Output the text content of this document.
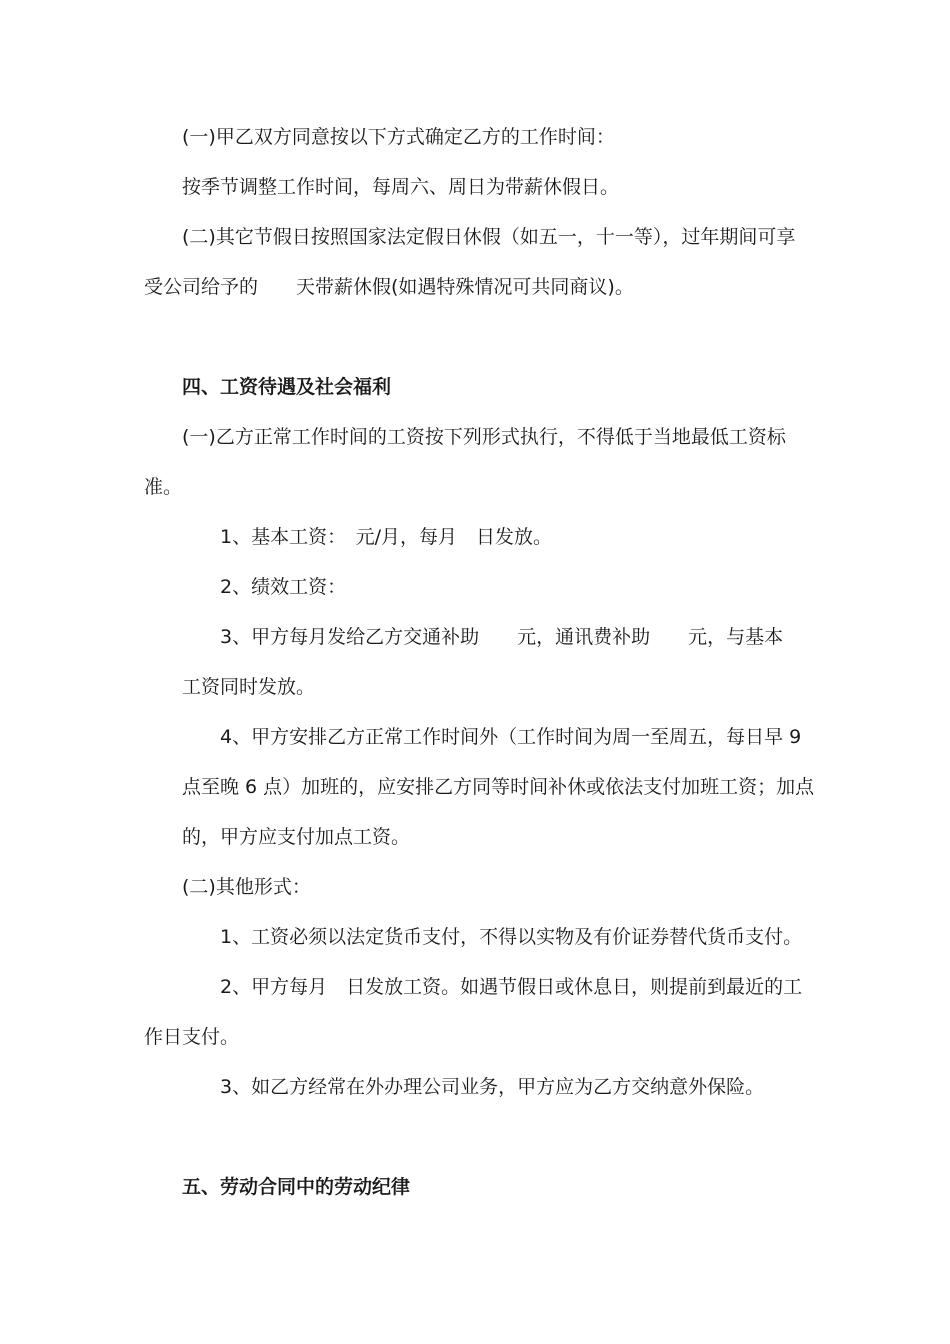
(一)甲乙双方同意按以下方式确定乙方的工作时间：
按季节调整工作时间，每周六、周日为带薪休假日。
(二)其它节假日按照国家法定假日休假（如五一，十一等），过年期间可享
受公司给予的　　天带薪休假(如遇特殊情况可共同商议)。
四、工资待遇及社会福利
(一)乙方正常工作时间的工资按下列形式执行，不得低于当地最低工资标
准。
1、基本工资：　元/月，每月　日发放。
2、绩效工资：
3、甲方每月发给乙方交通补助　　元，通讯费补助　　元，与基本
工资同时发放。
4、甲方安排乙方正常工作时间外（工作时间为周一至周五，每日早 9
点至晚 6 点）加班的，应安排乙方同等时间补休或依法支付加班工资；加点
的，甲方应支付加点工资。
(二)其他形式：
1、工资必须以法定货币支付，不得以实物及有价证券替代货币支付。
2、甲方每月　日发放工资。如遇节假日或休息日，则提前到最近的工
作日支付。
3、如乙方经常在外办理公司业务，甲方应为乙方交纳意外保险。
五、劳动合同中的劳动纪律
